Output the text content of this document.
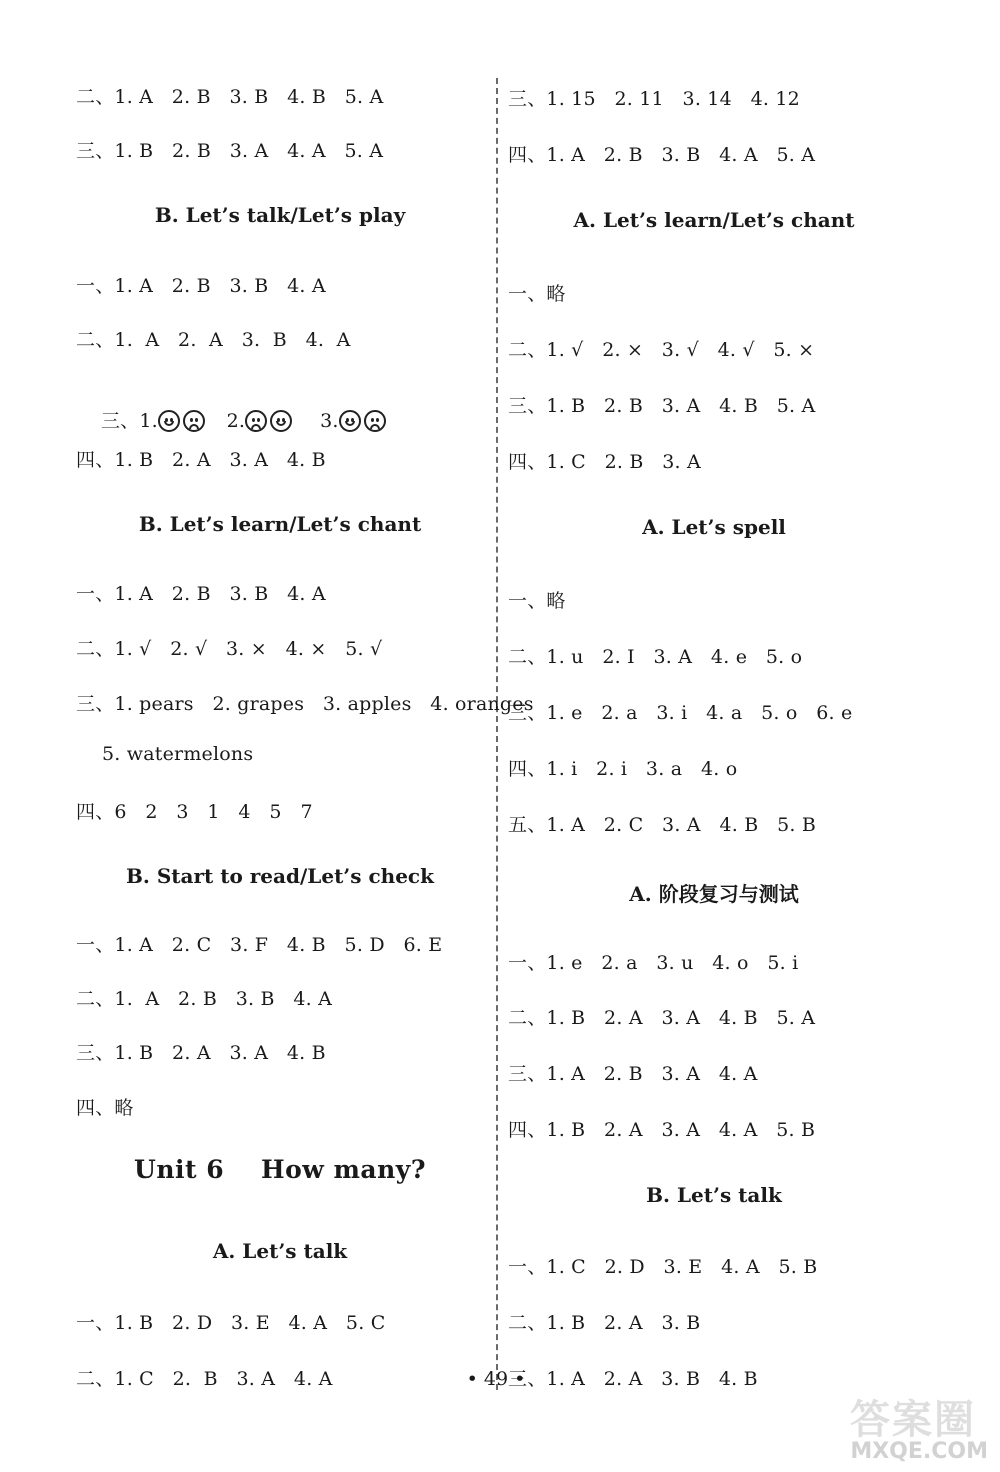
二、1. A   2. B   3. B   4. B   5. A
三、1. B   2. B   3. A   4. A   5. A
B. Let’s talk/Let’s play
一、1. A   2. B   3. B   4. A
二、1.  A   2.  A   3.  B   4.  A

三、1.	2.	3.

四、1. B   2. A   3. A   4. B
B. Let’s learn/Let’s chant
一、1. A   2. B   3. B   4. A
二、1. √   2. √   3. ×   4. ×   5. √
三、1. pears   2. grapes   3. apples   4. oranges
5. watermelons
四、6   2   3   1   4   5   7
B. Start to read/Let’s check
一、1. A   2. C   3. F   4. B   5. D   6. E
二、1.  A   2. B   3. B   4. A
三、1. B   2. A   3. A   4. B
四、略
Unit 6    How many?
A. Let’s talk
一、1. B   2. D   3. E   4. A   5. C
二、1. C   2.  B   3. A   4. A
三、1. 15   2. 11   3. 14   4. 12
四、1. A   2. B   3. B   4. A   5. A
A. Let’s learn/Let’s chant
一、略
二、1. √   2. ×   3. √   4. √   5. ×
三、1. B   2. B   3. A   4. B   5. A
四、1. C   2. B   3. A
A. Let’s spell
一、略
二、1. u   2. I   3. A   4. e   5. o
三、1. e   2. a   3. i   4. a   5. o   6. e
四、1. i   2. i   3. a   4. o
五、1. A   2. C   3. A   4. B   5. B
A. 阶段复习与测试
一、1. e   2. a   3. u   4. o   5. i
二、1. B   2. A   3. A   4. B   5. A
三、1. A   2. B   3. A   4. A
四、1. B   2. A   3. A   4. A   5. B
B. Let’s talk
一、1. C   2. D   3. E   4. A   5. B
二、1. B   2. A   3. B
三、1. A   2. A   3. B   4. B
• 49 •
答案圈
MXQE.COM
